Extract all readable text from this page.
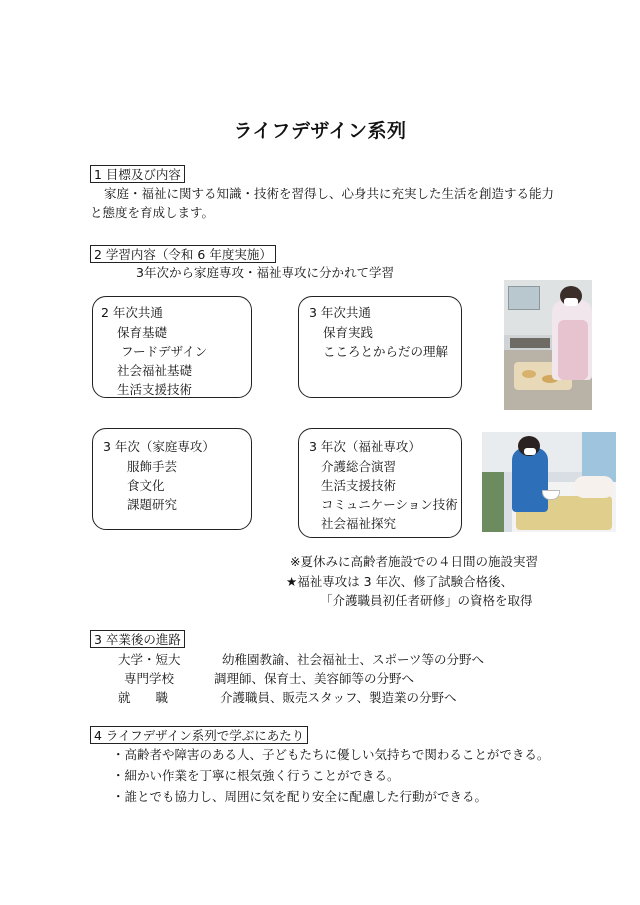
ライフデザイン系列
1 目標及び内容
家庭・福祉に関する知識・技術を習得し、心身共に充実した生活を創造する能力
と態度を育成します。
2 学習内容（令和 6 年度実施）
3年次から家庭専攻・福祉専攻に分かれて学習
2 年次共通
保育基礎
フードデザイン
社会福祉基礎
生活支援技術
3 年次共通
保育実践
こころとからだの理解
3 年次（家庭専攻）
服飾手芸
食文化
課題研究
3 年次（福祉専攻）
介護総合演習
生活支援技術
コミュニケーション技術
社会福祉探究
※夏休みに高齢者施設での４日間の施設実習
★福祉専攻は 3 年次、修了試験合格後、
「介護職員初任者研修」の資格を取得
3 卒業後の進路
大学・短大	幼稚園教諭、社会福祉士、スポーツ等の分野へ
専門学校	調理師、保育士、美容師等の分野へ
就　　職	介護職員、販売スタッフ、製造業の分野へ
4 ライフデザイン系列で学ぶにあたり
・高齢者や障害のある人、子どもたちに優しい気持ちで関わることができる。
・細かい作業を丁寧に根気強く行うことができる。
・誰とでも協力し、周囲に気を配り安全に配慮した行動ができる。
